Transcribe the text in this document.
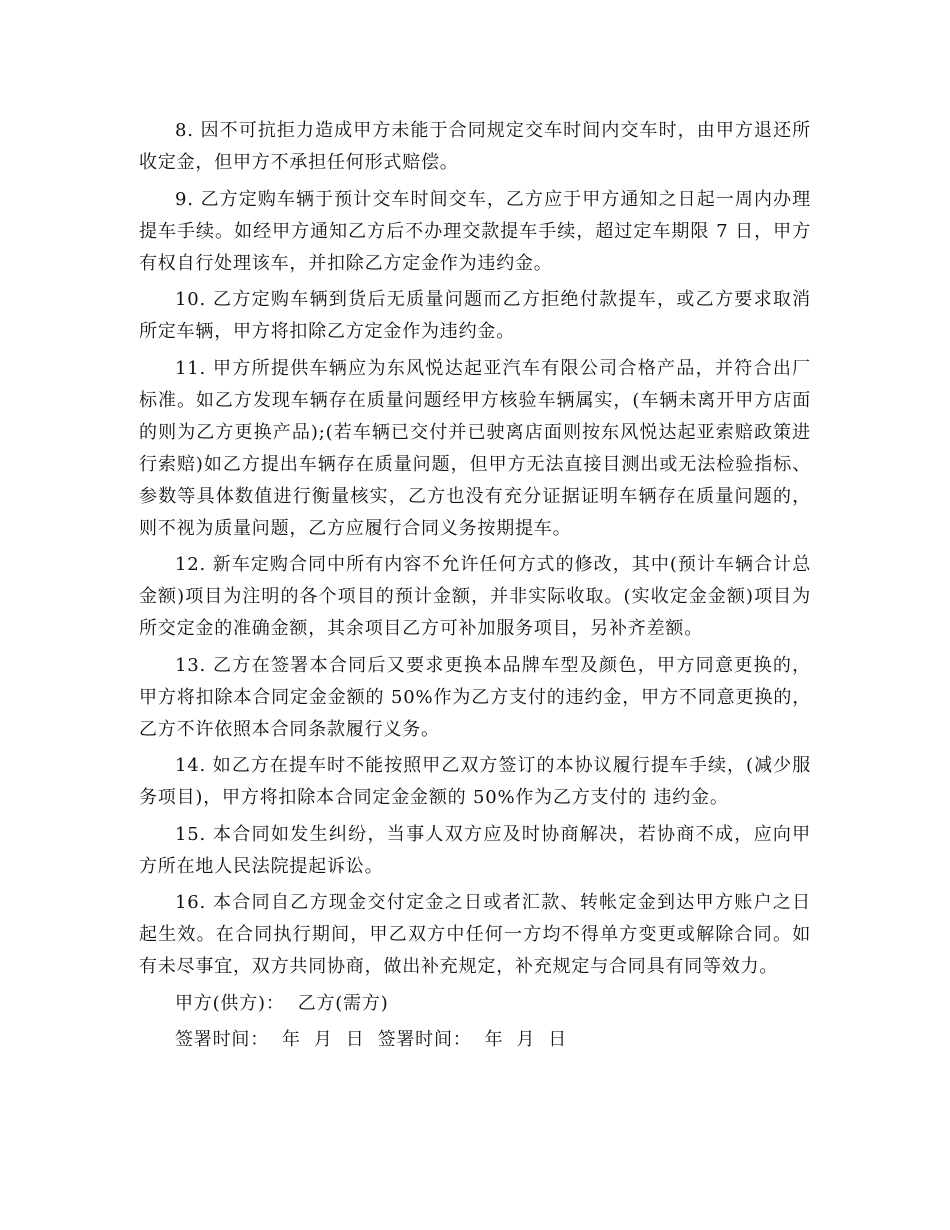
8. 因不可抗拒力造成甲方未能于合同规定交车时间内交车时，由甲方退还所收定金，但甲方不承担任何形式赔偿。

9. 乙方定购车辆于预计交车时间交车，乙方应于甲方通知之日起一周内办理提车手续。如经甲方通知乙方后不办理交款提车手续，超过定车期限 7 日，甲方有权自行处理该车，并扣除乙方定金作为违约金。

10. 乙方定购车辆到货后无质量问题而乙方拒绝付款提车，或乙方要求取消所定车辆，甲方将扣除乙方定金作为违约金。

11. 甲方所提供车辆应为东风悦达起亚汽车有限公司合格产品，并符合出厂标准。如乙方发现车辆存在质量问题经甲方核验车辆属实，(车辆未离开甲方店面的则为乙方更换产品);(若车辆已交付并已驶离店面则按东风悦达起亚索赔政策进行索赔)如乙方提出车辆存在质量问题，但甲方无法直接目测出或无法检验指标、参数等具体数值进行衡量核实，乙方也没有充分证据证明车辆存在质量问题的，则不视为质量问题，乙方应履行合同义务按期提车。

12. 新车定购合同中所有内容不允许任何方式的修改，其中(预计车辆合计总金额)项目为注明的各个项目的预计金额，并非实际收取。(实收定金金额)项目为所交定金的准确金额，其余项目乙方可补加服务项目，另补齐差额。

13. 乙方在签署本合同后又要求更换本品牌车型及颜色，甲方同意更换的，甲方将扣除本合同定金金额的 50%作为乙方支付的违约金，甲方不同意更换的，乙方不许依照本合同条款履行义务。

14. 如乙方在提车时不能按照甲乙双方签订的本协议履行提车手续，(减少服务项目)，甲方将扣除本合同定金金额的 50%作为乙方支付的 违约金。

15. 本合同如发生纠纷，当事人双方应及时协商解决，若协商不成，应向甲方所在地人民法院提起诉讼。

16. 本合同自乙方现金交付定金之日或者汇款、转帐定金到达甲方账户之日起生效。在合同执行期间，甲乙双方中任何一方均不得单方变更或解除合同。如有未尽事宜，双方共同协商，做出补充规定，补充规定与合同具有同等效力。

甲方(供方)：  乙方(需方)

签署时间：  年  月  日  签署时间：  年  月  日
